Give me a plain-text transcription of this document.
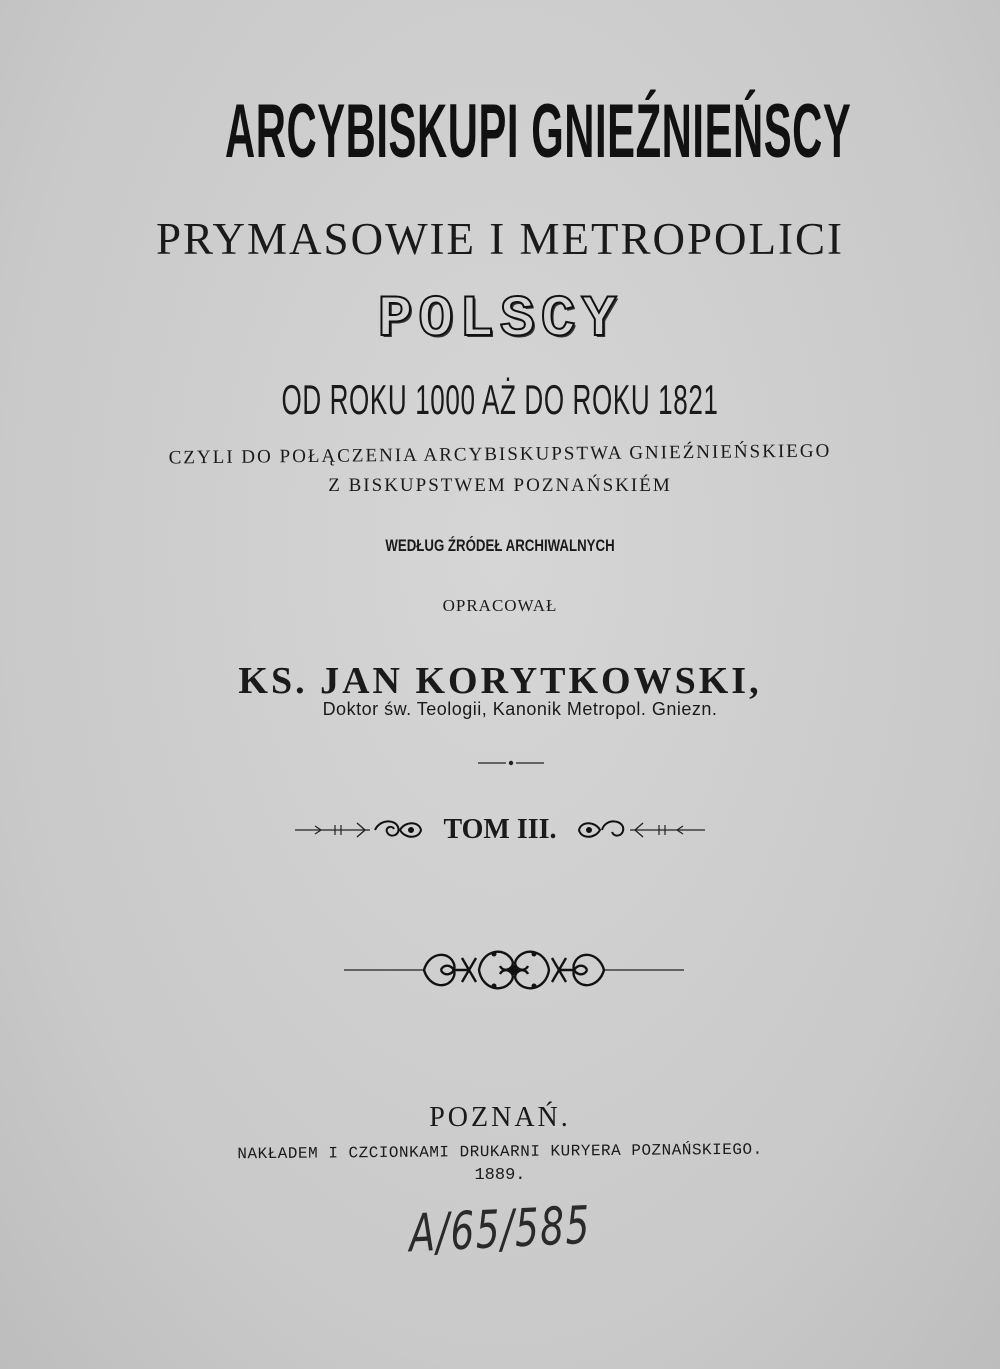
ARCYBISKUPI GNIEŹNIEŃSCY
PRYMASOWIE I METROPOLICI
POLSCY
OD ROKU 1000 AŻ DO ROKU 1821
CZYLI DO POŁĄCZENIA ARCYBISKUPSTWA GNIEŹNIEŃSKIEGO
Z BISKUPSTWEM POZNAŃSKIÉM
WEDŁUG ŹRÓDEŁ ARCHIWALNYCH
OPRACOWAŁ
KS. JAN KORYTKOWSKI,
Doktor św. Teologii, Kanonik Metropol. Gniezn.
TOM III.
POZNAŃ.
NAKŁADEM I CZCIONKAMI DRUKARNI KURYERA POZNAŃSKIEGO.
1889.
A/65/585
